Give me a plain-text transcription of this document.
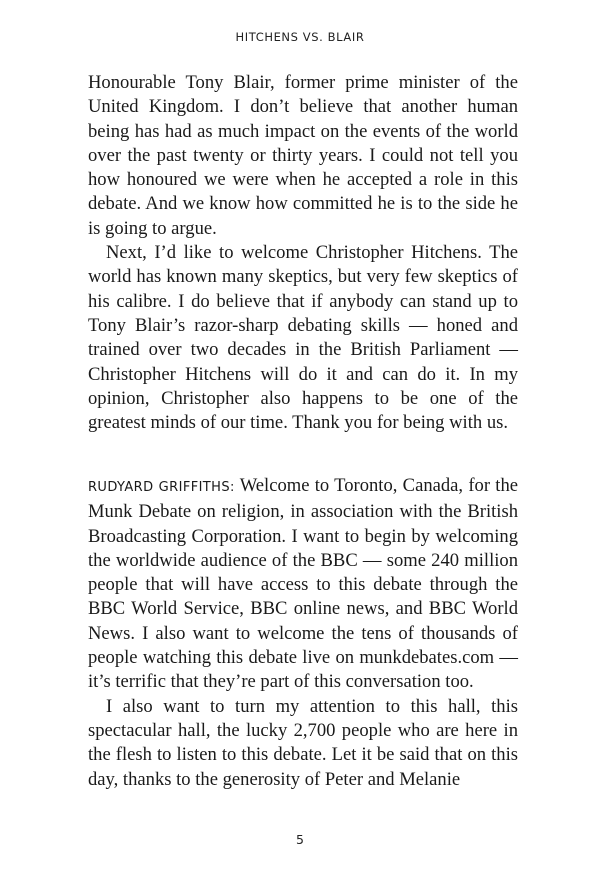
HITCHENS VS. BLAIR

Honourable Tony Blair, former prime minister of the United Kingdom. I don’t believe that another human being has had as much impact on the events of the world over the past twenty or thirty years. I could not tell you how honoured we were when he accepted a role in this debate. And we know how committed he is to the side he is going to argue.

Next, I’d like to welcome Christopher Hitchens. The world has known many skeptics, but very few skeptics of his calibre. I do believe that if anybody can stand up to Tony Blair’s razor-sharp debating skills — honed and trained over two decades in the British Parliament — Christopher Hitchens will do it and can do it. In my opinion, Christopher also happens to be one of the greatest minds of our time. Thank you for being with us.

RUDYARD GRIFFITHS: Welcome to Toronto, Canada, for the Munk Debate on religion, in association with the British Broadcasting Corporation. I want to begin by welcoming the worldwide audience of the BBC — some 240 million people that will have access to this debate through the BBC World Service, BBC online news, and BBC World News. I also want to welcome the tens of thousands of people watching this debate live on munkdebates.com — it’s terrific that they’re part of this conversation too.

I also want to turn my attention to this hall, this spectacular hall, the lucky 2,700 people who are here in the flesh to listen to this debate. Let it be said that on this day, thanks to the generosity of Peter and Melanie

5
